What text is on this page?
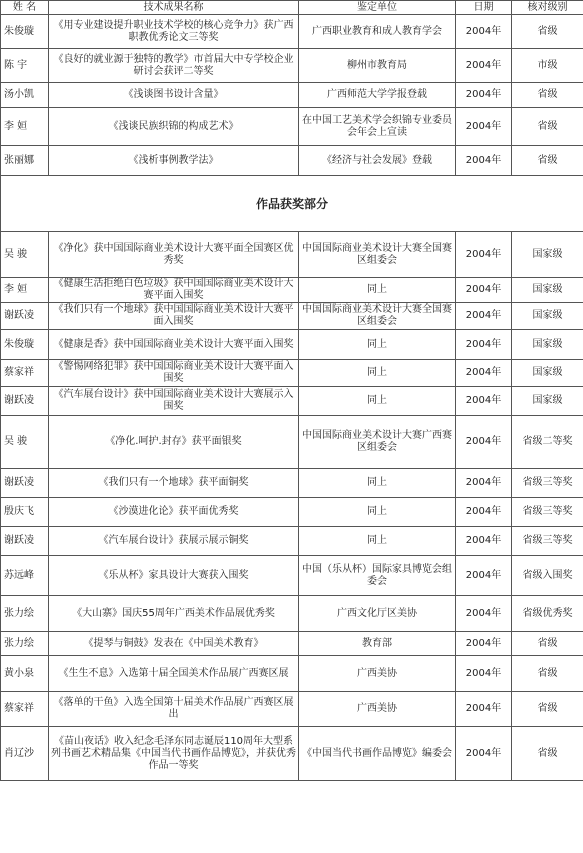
姓 名	技术成果名称	鉴定单位	日期	核对级别
朱俊璇	《用专业建设提升职业技术学校的核心竞争力》获广西职教优秀论文三等奖	广西职业教育和成人教育学会	2004年	省级
陈 宇	《良好的就业源于独特的教学》市首届大中专学校企业研讨会获评二等奖	柳州市教育局	2004年	市级
汤小凯	《浅谈图书设计含量》	广西师范大学学报登载	2004年	省级
李 姮	《浅谈民族织锦的构成艺术》	在中国工艺美术学会织锦专业委员会年会上宣读	2004年	省级
张丽娜	《浅析事例教学法》	《经济与社会发展》登载	2004年	省级
作品获奖部分				
吴 骏	《净化》获中国国际商业美术设计大赛平面全国赛区优秀奖	中国国际商业美术设计大赛全国赛区组委会	2004年	国家级
李 姮	《健康生活拒绝白色垃圾》获中国国际商业美术设计大赛平面入围奖	同上	2004年	国家级
谢跃凌	《我们只有一个地球》获中国国际商业美术设计大赛平面入围奖	中国国际商业美术设计大赛全国赛区组委会	2004年	国家级
朱俊璇	《健康是香》获中国国际商业美术设计大赛平面入围奖	同上	2004年	国家级
蔡家祥	《警惕网络犯罪》获中国国际商业美术设计大赛平面入围奖	同上	2004年	国家级
谢跃凌	《汽车展台设计》获中国国际商业美术设计大赛展示入围奖	同上	2004年	国家级
吴 骏	《净化.呵护.封存》获平面银奖	中国国际商业美术设计大赛广西赛区组委会	2004年	省级二等奖
谢跃凌	《我们只有一个地球》获平面铜奖	同上	2004年	省级三等奖
殷庆飞	《沙漠进化论》获平面优秀奖	同上	2004年	省级三等奖
谢跃凌	《汽车展台设计》获展示展示铜奖	同上	2004年	省级三等奖
苏远峰	《乐从杯》家具设计大赛获入围奖	中国（乐从杯）国际家具博览会组委会	2004年	省级入围奖
张力绘	《大山寨》国庆55周年广西美术作品展优秀奖	广西文化厅区美协	2004年	省级优秀奖
张力绘	《提琴与铜鼓》发表在《中国美术教育》	教育部	2004年	省级
黄小泉	《生生不息》入选第十届全国美术作品展广西赛区展	广西美协	2004年	省级
蔡家祥	《落单的干鱼》入选全国第十届美术作品展广西赛区展出	广西美协	2004年	省级
肖辽沙	《苗山夜话》收入纪念毛泽东同志诞辰110周年大型系列书画艺术精品集《中国当代书画作品博览》，并获优秀作品一等奖	《中国当代书画作品博览》编委会	2004年	省级
